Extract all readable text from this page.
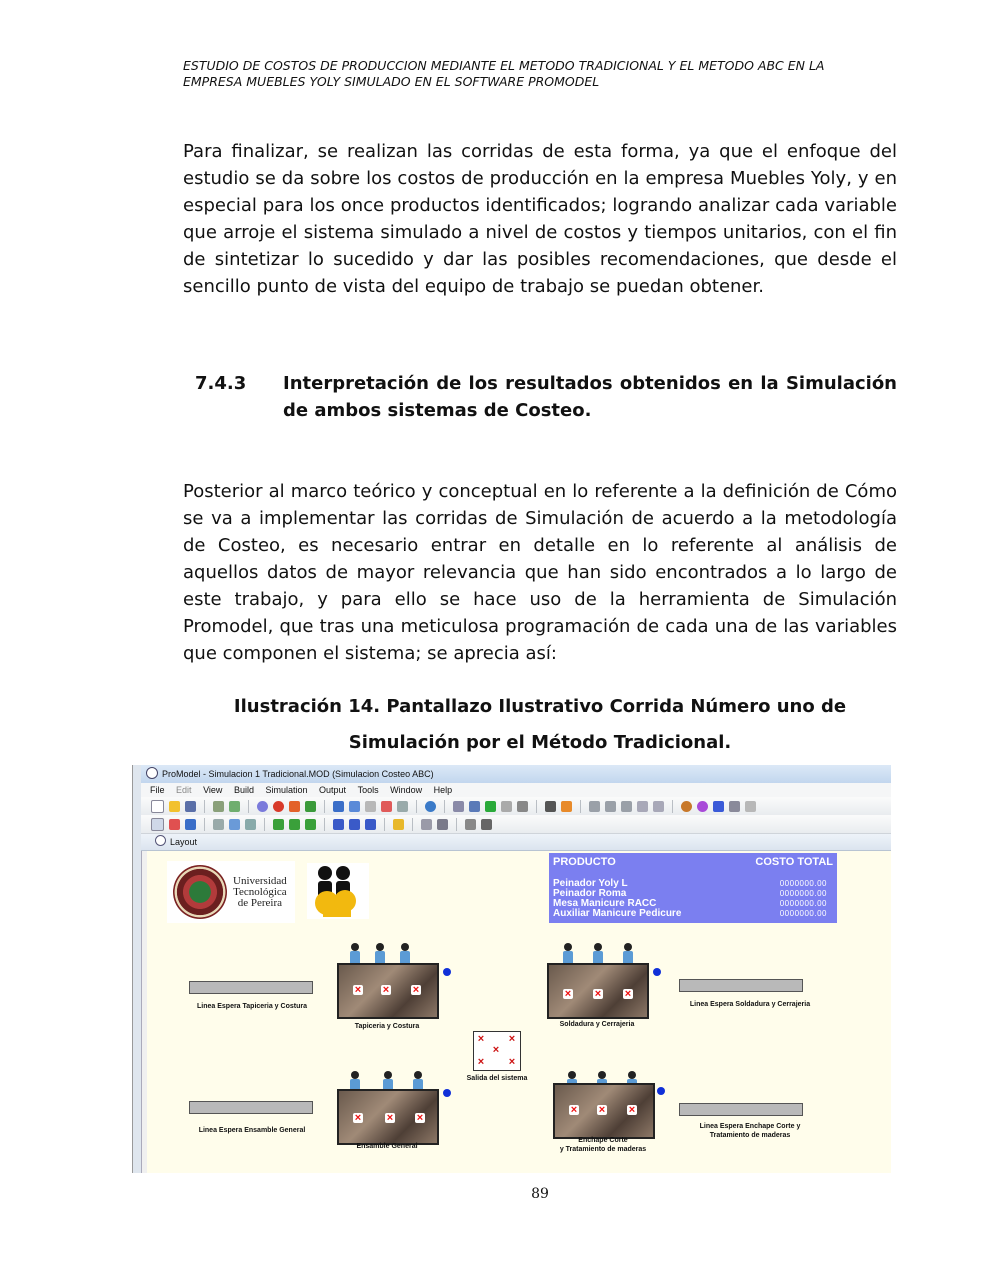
ESTUDIO DE COSTOS DE PRODUCCION MEDIANTE EL METODO TRADICIONAL Y EL METODO ABC EN LA
EMPRESA MUEBLES YOLY SIMULADO EN EL SOFTWARE PROMODEL

Para finalizar, se realizan las corridas de esta forma, ya que el enfoque del estudio se da sobre los costos de producción en la empresa Muebles Yoly, y en especial para los once productos identificados; logrando analizar cada variable que arroje el sistema simulado a nivel de costos y tiempos unitarios, con el fin de sintetizar lo sucedido y dar las posibles recomendaciones, que desde el sencillo punto de vista del equipo de trabajo se puedan obtener.

7.4.3 Interpretación de los resultados obtenidos en la Simulación de ambos sistemas de Costeo.

Posterior al marco teórico y conceptual en lo referente a la definición de Cómo se va a implementar las corridas de Simulación de acuerdo a la metodología de Costeo, es necesario entrar en detalle en lo referente al análisis de aquellos datos de mayor relevancia que han sido encontrados a lo largo de este trabajo, y para ello se hace uso de la herramienta de Simulación Promodel, que tras una meticulosa programación de cada una de las variables que componen el sistema; se aprecia así:

Ilustración 14. Pantallazo Ilustrativo Corrida Número uno de
Simulación por el Método Tradicional.
ProModel - Simulacion 1 Tradicional.MOD (Simulacion Costeo ABC)
File Edit View Build Simulation Output Tools Window Help
Layout
Universidad
Tecnológica
de Pereira
PRODUCTO	COSTO TOTAL
Peinador Yoly L	0000000.00
Peinador Roma	0000000.00
Mesa Manicure RACC	0000000.00
Auxiliar Manicure Pedicure	0000000.00
Linea Espera Tapiceria y Costura
× × ×
Tapiceria y Costura
× × ×
Soldadura y Cerrajeria
Linea Espera Soldadura y Cerrajeria
× ×
×
× ×
Salida del sistema
Linea Espera Ensamble General
× × ×
Ensamble General
× × ×
Enchape Corte
y Tratamiento de maderas
Linea Espera Enchape Corte y
Tratamiento de maderas
89
